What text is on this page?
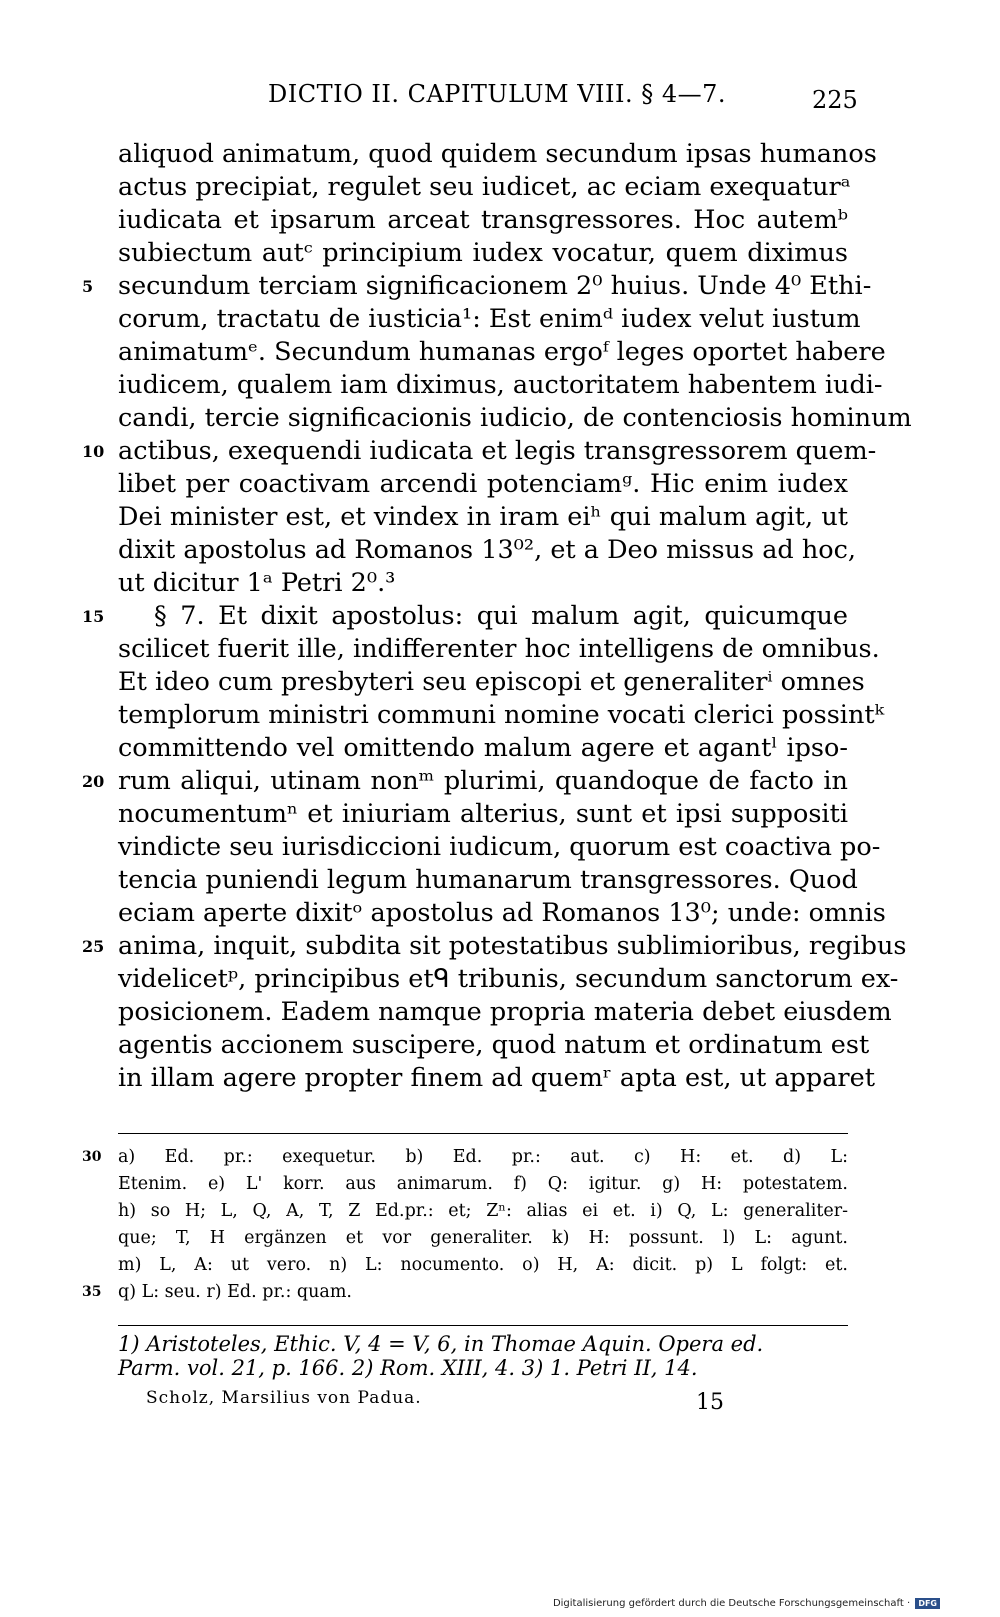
DICTIO II. CAPITULUM VIII. § 4—7.	225
aliquod animatum, quod quidem secundum ipsas humanos
actus precipiat, regulet seu iudicet, ac eciam exequaturᵃ
iudicata et ipsarum arceat transgressores. Hoc autemᵇ
subiectum autᶜ principium iudex vocatur, quem diximus
secundum terciam significacionem 2⁰ huius. Unde 4⁰ Ethi-
corum, tractatu de iusticia¹: Est enimᵈ iudex velut iustum
animatumᵉ. Secundum humanas ergoᶠ leges oportet habere
iudicem, qualem iam diximus, auctoritatem habentem iudi-
candi, tercie significacionis iudicio, de contenciosis hominum
actibus, exequendi iudicata et legis transgressorem quem-
libet per coactivam arcendi potenciamᵍ. Hic enim iudex
Dei minister est, et vindex in iram eiʰ qui malum agit, ut
dixit apostolus ad Romanos 13⁰², et a Deo missus ad hoc,
ut dicitur 1ᵃ Petri 2⁰.³
§ 7. Et dixit apostolus: qui malum agit, quicumque
scilicet fuerit ille, indifferenter hoc intelligens de omnibus.
Et ideo cum presbyteri seu episcopi et generaliterⁱ omnes
templorum ministri communi nomine vocati clerici possintᵏ
committendo vel omittendo malum agere et agantˡ ipso-
rum aliqui, utinam nonᵐ plurimi, quandoque de facto in
nocumentumⁿ et iniuriam alterius, sunt et ipsi suppositi
vindicte seu iurisdiccioni iudicum, quorum est coactiva po-
tencia puniendi legum humanarum transgressores. Quod
eciam aperte dixitᵒ apostolus ad Romanos 13⁰; unde: omnis
anima, inquit, subdita sit potestatibus sublimioribus, regibus
videlicetᵖ, principibus etᑫ tribunis, secundum sanctorum ex-
posicionem. Eadem namque propria materia debet eiusdem
agentis accionem suscipere, quod natum et ordinatum est
in illam agere propter finem ad quemʳ apta est, ut apparet
5
10
15
20
25
a) Ed. pr.: exequetur. b) Ed. pr.: aut. c) H: et. d) L:
Etenim. e) L' korr. aus animarum. f) Q: igitur. g) H: potestatem.
h) so H; L, Q, A, T, Z Ed.pr.: et; Zⁿ: alias ei et. i) Q, L: generaliter-
que; T, H ergänzen et vor generaliter. k) H: possunt. l) L: agunt.
m) L, A: ut vero. n) L: nocumento. o) H, A: dicit. p) L folgt: et.
q) L: seu. r) Ed. pr.: quam.
30
35
1) Aristoteles, Ethic. V, 4 = V, 6, in Thomae Aquin. Opera ed.
Parm. vol. 21, p. 166. 2) Rom. XIII, 4. 3) 1. Petri II, 14.
Scholz, Marsilius von Padua.	15
Digitalisierung gefördert durch die Deutsche Forschungsgemeinschaft · DFG
